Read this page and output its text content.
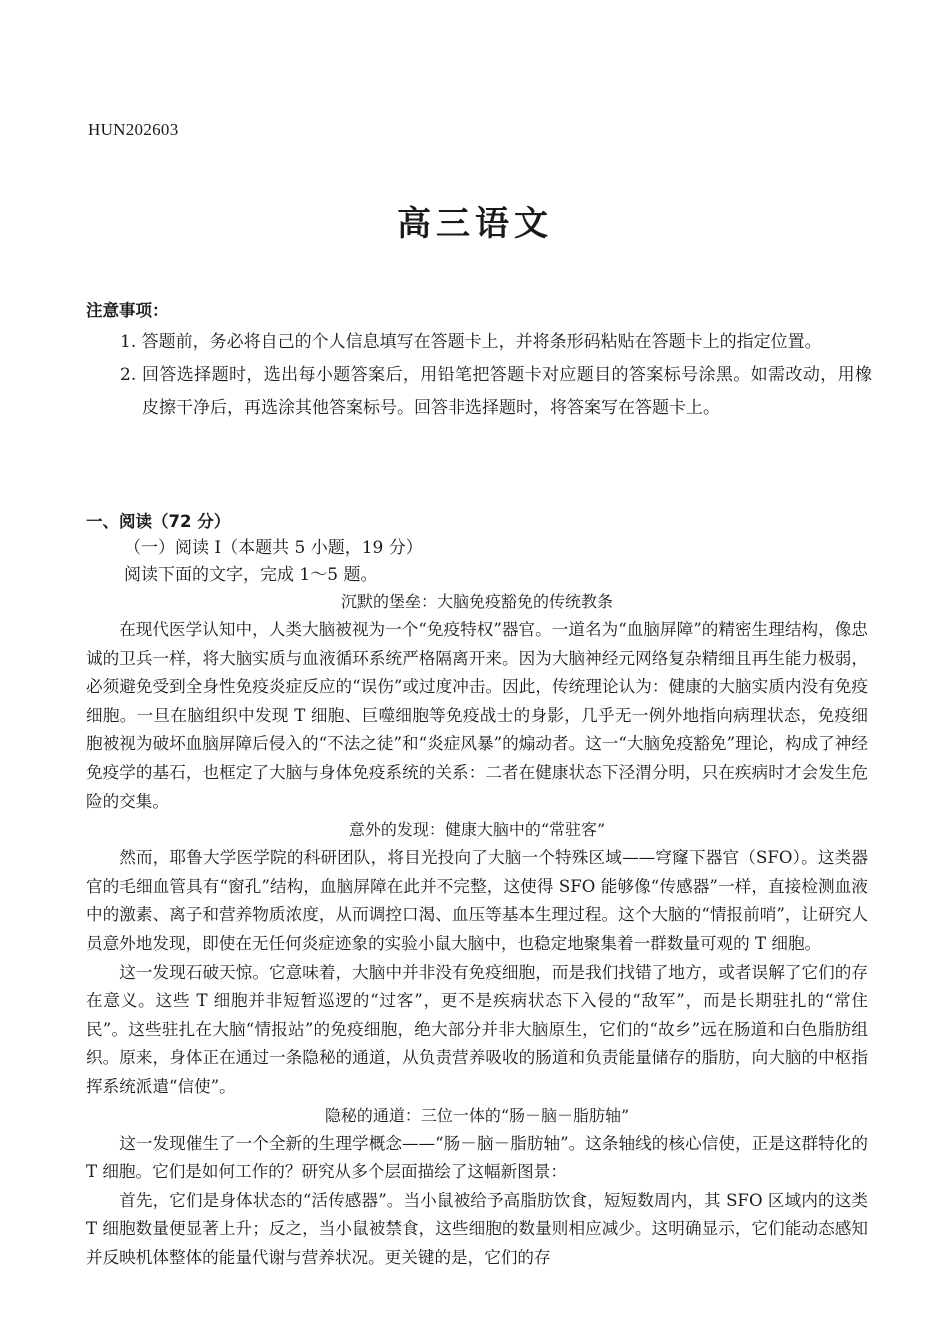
HUN202603
高三语文
注意事项：
1. 答题前，务必将自己的个人信息填写在答题卡上，并将条形码粘贴在答题卡上的指定位置。
2. 回答选择题时，选出每小题答案后，用铅笔把答题卡对应题目的答案标号涂黑。如需改动，用橡皮擦干净后，再选涂其他答案标号。回答非选择题时，将答案写在答题卡上。
一、阅读（72 分）
（一）阅读 I（本题共 5 小题，19 分）
阅读下面的文字，完成 1～5 题。
沉默的堡垒：大脑免疫豁免的传统教条

在现代医学认知中，人类大脑被视为一个“免疫特权”器官。一道名为“血脑屏障”的精密生理结构，像忠诚的卫兵一样，将大脑实质与血液循环系统严格隔离开来。因为大脑神经元网络复杂精细且再生能力极弱，必须避免受到全身性免疫炎症反应的“误伤”或过度冲击。因此，传统理论认为：健康的大脑实质内没有免疫细胞。一旦在脑组织中发现 T 细胞、巨噬细胞等免疫战士的身影，几乎无一例外地指向病理状态，免疫细胞被视为破坏血脑屏障后侵入的“不法之徒”和“炎症风暴”的煽动者。这一“大脑免疫豁免”理论，构成了神经免疫学的基石，也框定了大脑与身体免疫系统的关系：二者在健康状态下泾渭分明，只在疾病时才会发生危险的交集。

意外的发现：健康大脑中的“常驻客”

然而，耶鲁大学医学院的科研团队，将目光投向了大脑一个特殊区域——穹窿下器官（SFO）。这类器官的毛细血管具有“窗孔”结构，血脑屏障在此并不完整，这使得 SFO 能够像“传感器”一样，直接检测血液中的激素、离子和营养物质浓度，从而调控口渴、血压等基本生理过程。这个大脑的“情报前哨”，让研究人员意外地发现，即使在无任何炎症迹象的实验小鼠大脑中，也稳定地聚集着一群数量可观的 T 细胞。

这一发现石破天惊。它意味着，大脑中并非没有免疫细胞，而是我们找错了地方，或者误解了它们的存在意义。这些 T 细胞并非短暂巡逻的“过客”，更不是疾病状态下入侵的“敌军”，而是长期驻扎的“常住民”。这些驻扎在大脑“情报站”的免疫细胞，绝大部分并非大脑原生，它们的“故乡”远在肠道和白色脂肪组织。原来，身体正在通过一条隐秘的通道，从负责营养吸收的肠道和负责能量储存的脂肪，向大脑的中枢指挥系统派遣“信使”。

隐秘的通道：三位一体的“肠－脑－脂肪轴”

这一发现催生了一个全新的生理学概念——“肠－脑－脂肪轴”。这条轴线的核心信使，正是这群特化的 T 细胞。它们是如何工作的？研究从多个层面描绘了这幅新图景：

首先，它们是身体状态的“活传感器”。当小鼠被给予高脂肪饮食，短短数周内，其 SFO 区域内的这类 T 细胞数量便显著上升；反之，当小鼠被禁食，这些细胞的数量则相应减少。这明确显示，它们能动态感知并反映机体整体的能量代谢与营养状况。更关键的是，它们的存
